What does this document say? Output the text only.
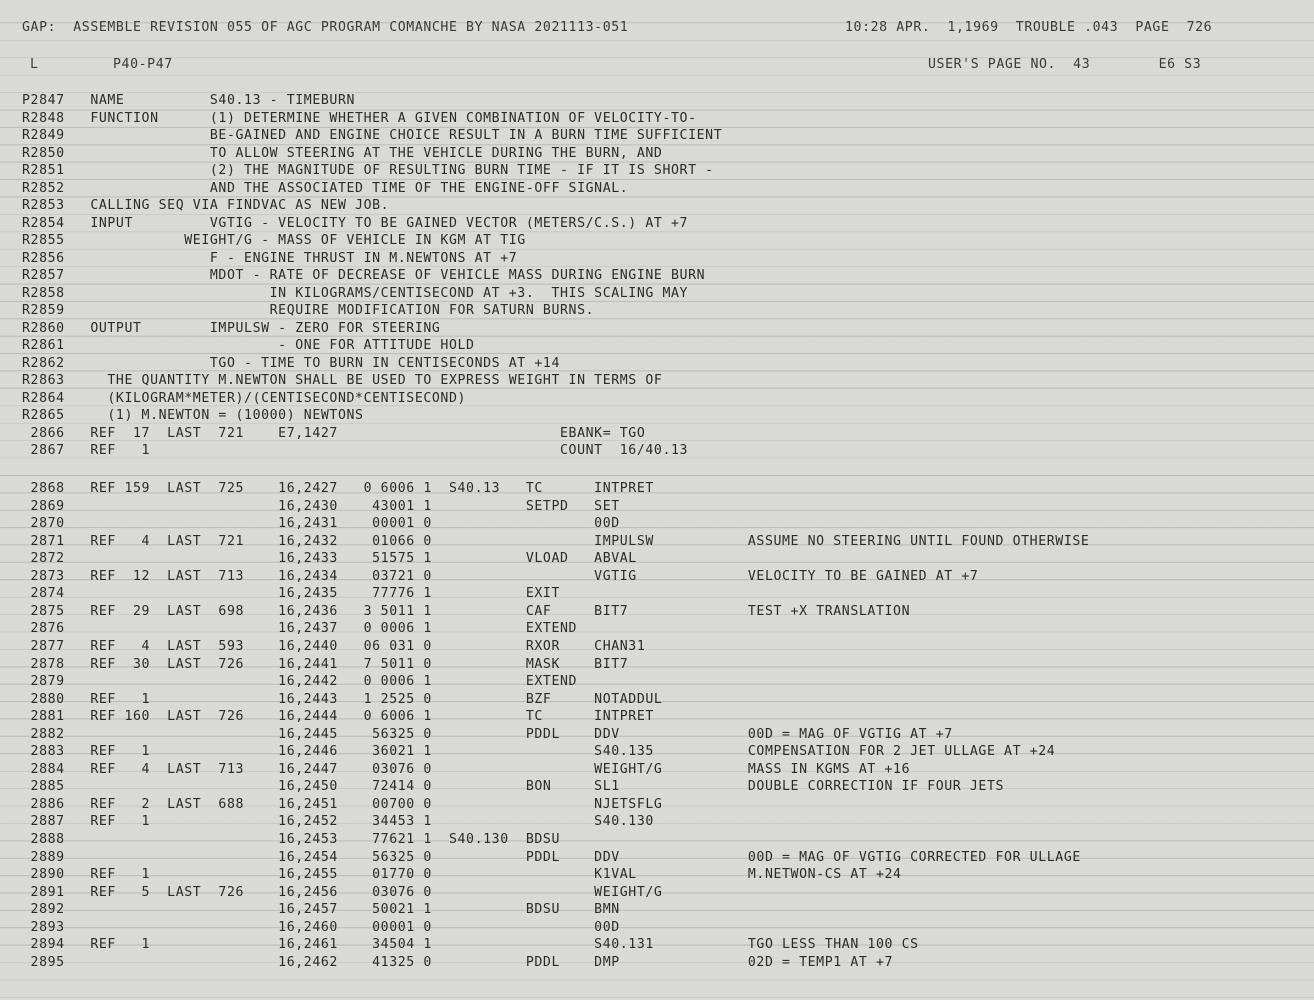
GAP:  ASSEMBLE REVISION 055 OF AGC PROGRAM COMANCHE BY NASA 2021113-051	10:28 APR.  1,1969  TROUBLE .043  PAGE  726
L	P40-P47	USER'S PAGE NO.  43        E6 S3
P2847   NAME          S40.13 - TIMEBURN
R2848   FUNCTION      (1) DETERMINE WHETHER A GIVEN COMBINATION OF VELOCITY-TO-
R2849                 BE-GAINED AND ENGINE CHOICE RESULT IN A BURN TIME SUFFICIENT
R2850                 TO ALLOW STEERING AT THE VEHICLE DURING THE BURN, AND
R2851                 (2) THE MAGNITUDE OF RESULTING BURN TIME - IF IT IS SHORT -
R2852                 AND THE ASSOCIATED TIME OF THE ENGINE-OFF SIGNAL.
R2853   CALLING SEQ VIA FINDVAC AS NEW JOB.
R2854   INPUT         VGTIG - VELOCITY TO BE GAINED VECTOR (METERS/C.S.) AT +7
R2855              WEIGHT/G - MASS OF VEHICLE IN KGM AT TIG
R2856                 F - ENGINE THRUST IN M.NEWTONS AT +7
R2857                 MDOT - RATE OF DECREASE OF VEHICLE MASS DURING ENGINE BURN
R2858                        IN KILOGRAMS/CENTISECOND AT +3.  THIS SCALING MAY
R2859                        REQUIRE MODIFICATION FOR SATURN BURNS.
R2860   OUTPUT        IMPULSW - ZERO FOR STEERING
R2861                         - ONE FOR ATTITUDE HOLD
R2862                 TGO - TIME TO BURN IN CENTISECONDS AT +14
R2863     THE QUANTITY M.NEWTON SHALL BE USED TO EXPRESS WEIGHT IN TERMS OF
R2864     (KILOGRAM*METER)/(CENTISECOND*CENTISECOND)
R2865     (1) M.NEWTON = (10000) NEWTONS
2866   REF  17  LAST  721    E7,1427                          EBANK= TGO
2867   REF   1                                                COUNT  16/40.13
2868   REF 159  LAST  725    16,2427   0 6006 1  S40.13   TC      INTPRET
2869                         16,2430    43001 1           SETPD   SET
2870                         16,2431    00001 0                   00D
2871   REF   4  LAST  721    16,2432    01066 0                   IMPULSW           ASSUME NO STEERING UNTIL FOUND OTHERWISE
2872                         16,2433    51575 1           VLOAD   ABVAL
2873   REF  12  LAST  713    16,2434    03721 0                   VGTIG             VELOCITY TO BE GAINED AT +7
2874                         16,2435    77776 1           EXIT
2875   REF  29  LAST  698    16,2436   3 5011 1           CAF     BIT7              TEST +X TRANSLATION
2876                         16,2437   0 0006 1           EXTEND
2877   REF   4  LAST  593    16,2440   06 031 0           RXOR    CHAN31
2878   REF  30  LAST  726    16,2441   7 5011 0           MASK    BIT7
2879                         16,2442   0 0006 1           EXTEND
2880   REF   1               16,2443   1 2525 0           BZF     NOTADDUL
2881   REF 160  LAST  726    16,2444   0 6006 1           TC      INTPRET
2882                         16,2445    56325 0           PDDL    DDV               00D = MAG OF VGTIG AT +7
2883   REF   1               16,2446    36021 1                   S40.135           COMPENSATION FOR 2 JET ULLAGE AT +24
2884   REF   4  LAST  713    16,2447    03076 0                   WEIGHT/G          MASS IN KGMS AT +16
2885                         16,2450    72414 0           BON     SL1               DOUBLE CORRECTION IF FOUR JETS
2886   REF   2  LAST  688    16,2451    00700 0                   NJETSFLG
2887   REF   1               16,2452    34453 1                   S40.130
2888                         16,2453    77621 1  S40.130  BDSU
2889                         16,2454    56325 0           PDDL    DDV               00D = MAG OF VGTIG CORRECTED FOR ULLAGE
2890   REF   1               16,2455    01770 0                   K1VAL             M.NETWON-CS AT +24
2891   REF   5  LAST  726    16,2456    03076 0                   WEIGHT/G
2892                         16,2457    50021 1           BDSU    BMN
2893                         16,2460    00001 0                   00D
2894   REF   1               16,2461    34504 1                   S40.131           TGO LESS THAN 100 CS
2895                         16,2462    41325 0           PDDL    DMP               02D = TEMP1 AT +7
